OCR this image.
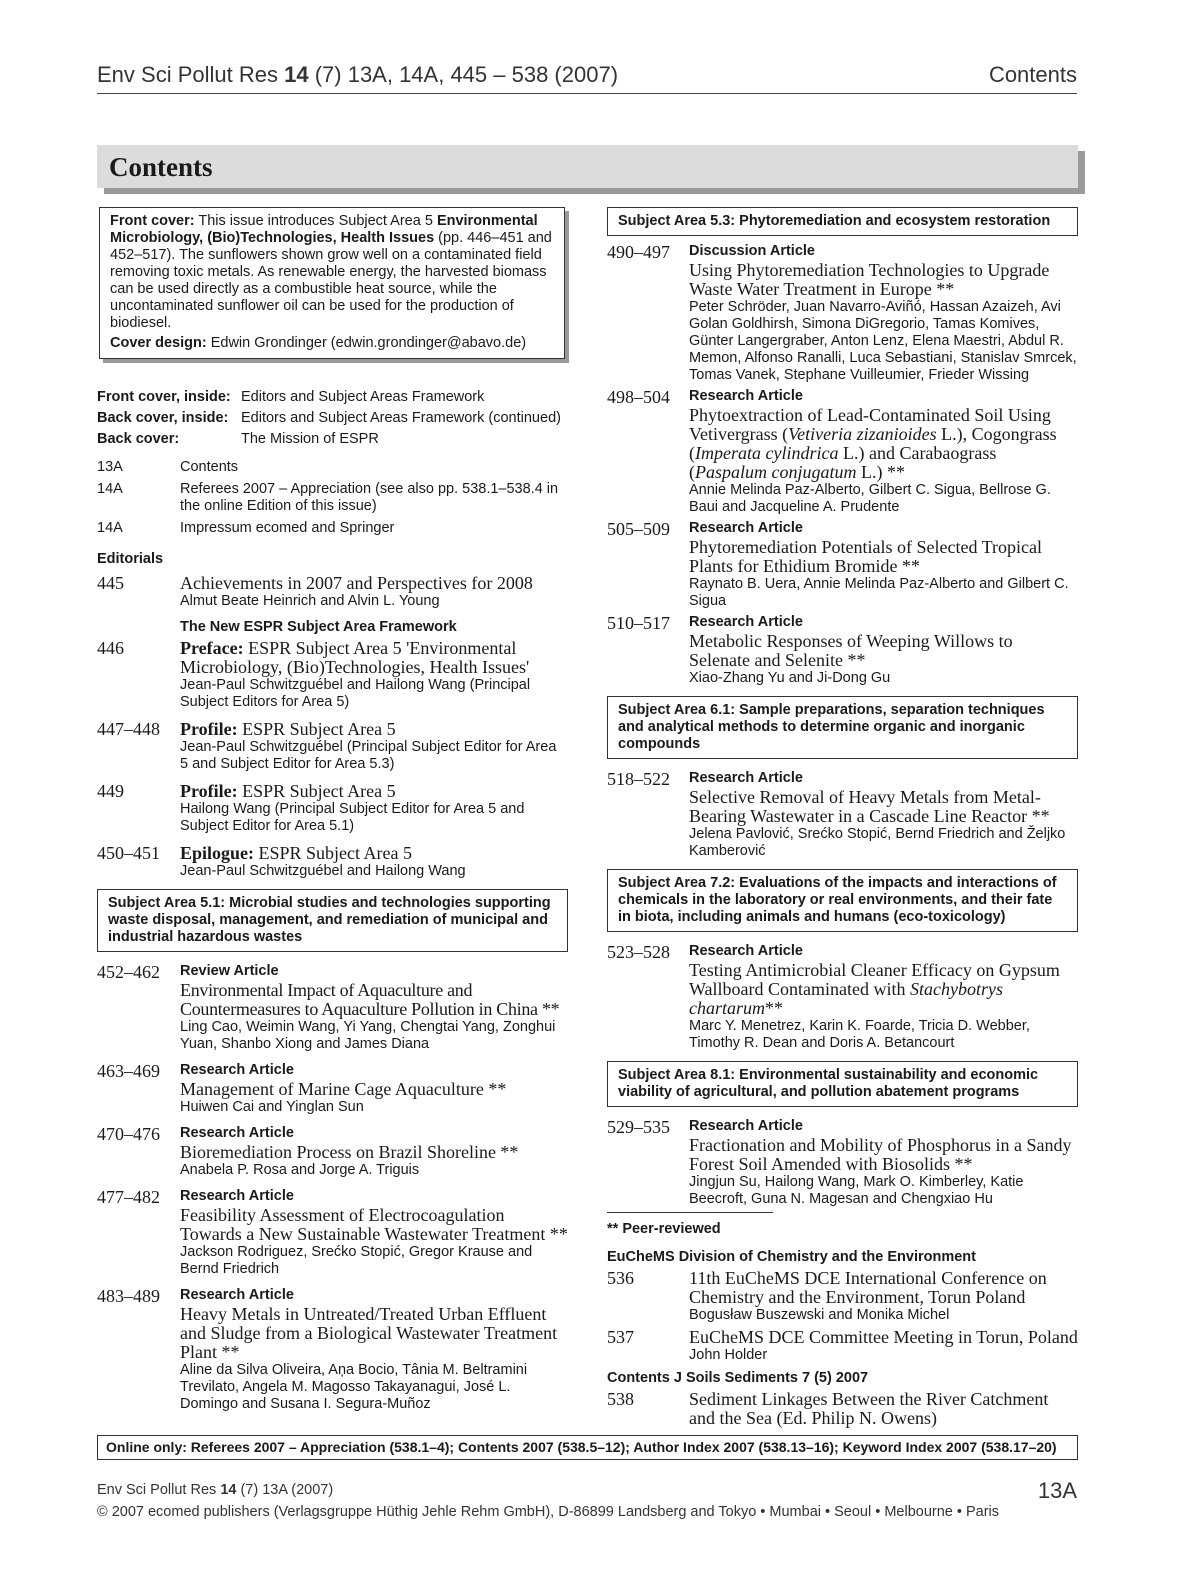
Env Sci Pollut Res 14 (7) 13A, 14A, 445 – 538 (2007)	Contents
Contents
Front cover: This issue introduces Subject Area 5 Environmental Microbiology, (Bio)Technologies, Health Issues (pp. 446–451 and 452–517). The sunflowers shown grow well on a contaminated field removing toxic metals. As renewable energy, the harvested biomass can be used directly as a combustible heat source, while the uncontaminated sunflower oil can be used for the production of biodiesel.
Cover design: Edwin Grondinger (edwin.grondinger@abavo.de)
Front cover, inside: Editors and Subject Areas Framework
Back cover, inside: Editors and Subject Areas Framework (continued)
Back cover:	The Mission of ESPR
13A	Contents
14A	Referees 2007 – Appreciation (see also pp. 538.1–538.4 in the online Edition of this issue)
14A	Impressum ecomed and Springer
Editorials
445	Achievements in 2007 and Perspectives for 2008
Almut Beate Heinrich and Alvin L. Young
The New ESPR Subject Area Framework
446	Preface: ESPR Subject Area 5 'Environmental Microbiology, (Bio)Technologies, Health Issues'
Jean-Paul Schwitzguébel and Hailong Wang (Principal Subject Editors for Area 5)
447–448	Profile: ESPR Subject Area 5
Jean-Paul Schwitzguébel (Principal Subject Editor for Area 5 and Subject Editor for Area 5.3)
449	Profile: ESPR Subject Area 5
Hailong Wang (Principal Subject Editor for Area 5 and Subject Editor for Area 5.1)
450–451	Epilogue: ESPR Subject Area 5
Jean-Paul Schwitzguébel and Hailong Wang
Subject Area 5.1: Microbial studies and technologies supporting waste disposal, management, and remediation of municipal and industrial hazardous wastes
452–462	Review Article
Environmental Impact of Aquaculture and Countermeasures to Aquaculture Pollution in China **
Ling Cao, Weimin Wang, Yi Yang, Chengtai Yang, Zonghui Yuan, Shanbo Xiong and James Diana
463–469	Research Article
Management of Marine Cage Aquaculture **
Huiwen Cai and Yinglan Sun
470–476	Research Article
Bioremediation Process on Brazil Shoreline **
Anabela P. Rosa and Jorge A. Triguis
477–482	Research Article
Feasibility Assessment of Electrocoagulation Towards a New Sustainable Wastewater Treatment **
Jackson Rodriguez, Srećko Stopić, Gregor Krause and Bernd Friedrich
483–489	Research Article
Heavy Metals in Untreated/Treated Urban Effluent and Sludge from a Biological Wastewater Treatment Plant **
Aline da Silva Oliveira, Aņa Bocio, Tânia M. Beltramini Trevilato, Angela M. Magosso Takayanagui, José L. Domingo and Susana I. Segura-Muñoz
Subject Area 5.3: Phytoremediation and ecosystem restoration
490–497	Discussion Article
Using Phytoremediation Technologies to Upgrade Waste Water Treatment in Europe **
Peter Schröder, Juan Navarro-Aviñó, Hassan Azaizeh, Avi Golan Goldhirsh, Simona DiGregorio, Tamas Komives, Günter Langergraber, Anton Lenz, Elena Maestri, Abdul R. Memon, Alfonso Ranalli, Luca Sebastiani, Stanislav Smrcek, Tomas Vanek, Stephane Vuilleumier, Frieder Wissing
498–504	Research Article
Phytoextraction of Lead-Contaminated Soil Using Vetivergrass (Vetiveria zizanioides L.), Cogongrass (Imperata cylindrica L.) and Carabaograss (Paspalum conjugatum L.) **
Annie Melinda Paz-Alberto, Gilbert C. Sigua, Bellrose G. Baui and Jacqueline A. Prudente
505–509	Research Article
Phytoremediation Potentials of Selected Tropical Plants for Ethidium Bromide **
Raynato B. Uera, Annie Melinda Paz-Alberto and Gilbert C. Sigua
510–517	Research Article
Metabolic Responses of Weeping Willows to Selenate and Selenite **
Xiao-Zhang Yu and Ji-Dong Gu
Subject Area 6.1: Sample preparations, separation techniques and analytical methods to determine organic and inorganic compounds
518–522	Research Article
Selective Removal of Heavy Metals from Metal-Bearing Wastewater in a Cascade Line Reactor **
Jelena Pavlović, Srećko Stopić, Bernd Friedrich and Željko Kamberović
Subject Area 7.2: Evaluations of the impacts and interactions of chemicals in the laboratory or real environments, and their fate in biota, including animals and humans (eco-toxicology)
523–528	Research Article
Testing Antimicrobial Cleaner Efficacy on Gypsum Wallboard Contaminated with Stachybotrys chartarum**
Marc Y. Menetrez, Karin K. Foarde, Tricia D. Webber, Timothy R. Dean and Doris A. Betancourt
Subject Area 8.1: Environmental sustainability and economic viability of agricultural, and pollution abatement programs
529–535	Research Article
Fractionation and Mobility of Phosphorus in a Sandy Forest Soil Amended with Biosolids **
Jingjun Su, Hailong Wang, Mark O. Kimberley, Katie Beecroft, Guna N. Magesan and Chengxiao Hu
** Peer-reviewed
EuCheMS Division of Chemistry and the Environment
536	11th EuCheMS DCE International Conference on Chemistry and the Environment, Torun Poland
Bogusław Buszewski and Monika Michel
537	EuCheMS DCE Committee Meeting in Torun, Poland
John Holder
Contents J Soils Sediments 7 (5) 2007
538	Sediment Linkages Between the River Catchment and the Sea (Ed. Philip N. Owens)
Online only: Referees 2007 – Appreciation (538.1–4); Contents 2007 (538.5–12); Author Index 2007 (538.13–16); Keyword Index 2007 (538.17–20)
Env Sci Pollut Res 14 (7) 13A (2007)	13A
© 2007 ecomed publishers (Verlagsgruppe Hüthig Jehle Rehm GmbH), D-86899 Landsberg and Tokyo • Mumbai • Seoul • Melbourne • Paris
